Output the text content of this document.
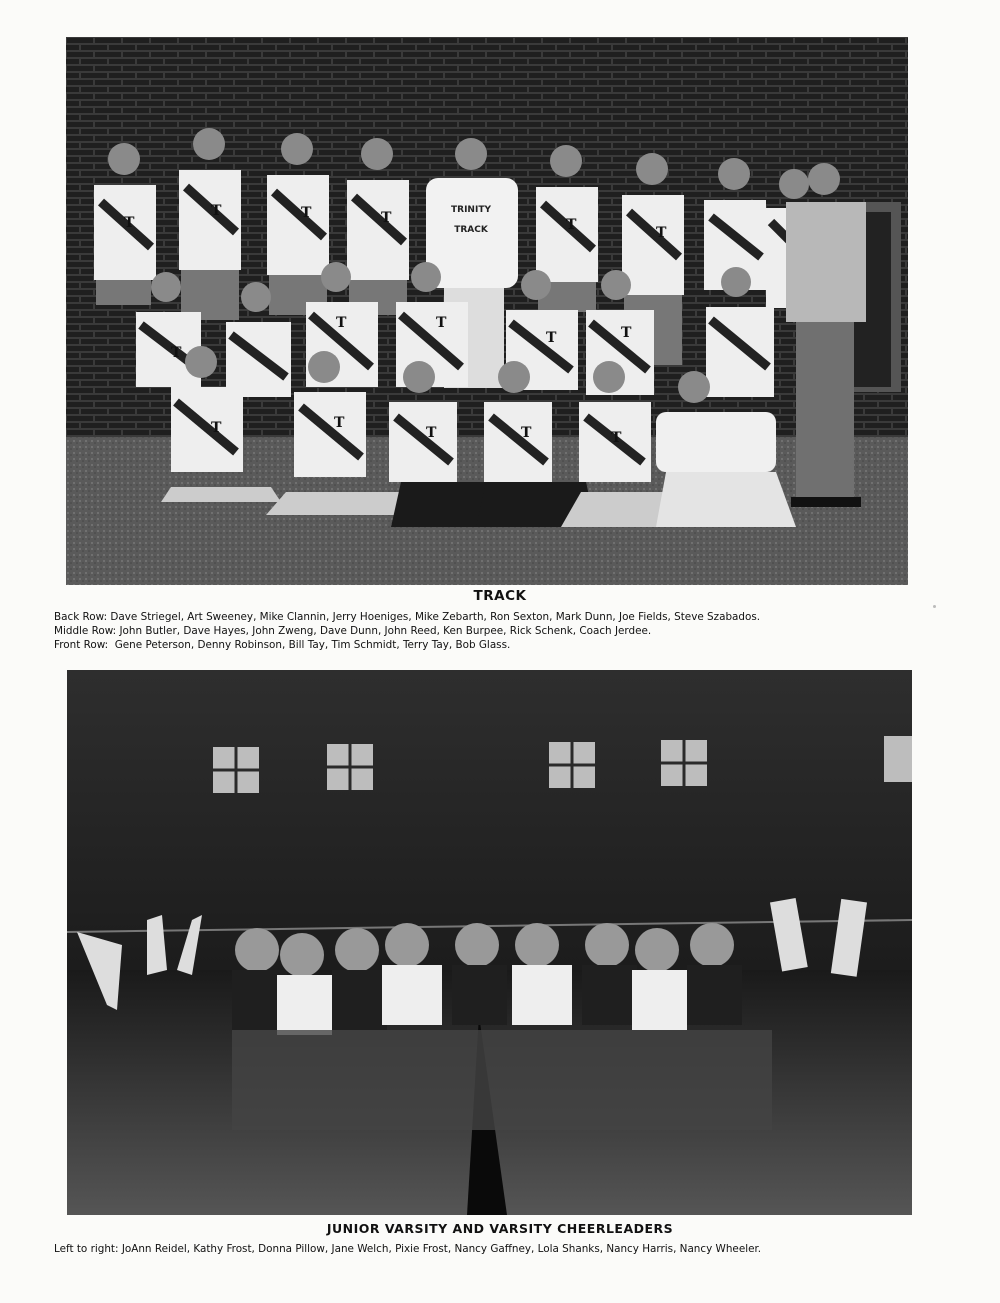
T
T	T	T	T	T
T
T	T
T	T
T	T
T	T	T
TRINITY
TRACK
TRACK
Back Row: Dave Striegel, Art Sweeney, Mike Clannin, Jerry Hoeniges, Mike Zebarth, Ron Sexton, Mark Dunn, Joe Fields, Steve Szabados.
Middle Row: John Butler, Dave Hayes, John Zweng, Dave Dunn, John Reed, Ken Burpee, Rick Schenk, Coach Jerdee.
Front Row: Gene Peterson, Denny Robinson, Bill Tay, Tim Schmidt, Terry Tay, Bob Glass.
JUNIOR VARSITY AND VARSITY CHEERLEADERS
Left to right: JoAnn Reidel, Kathy Frost, Donna Pillow, Jane Welch, Pixie Frost, Nancy Gaffney, Lola Shanks, Nancy Harris, Nancy Wheeler.
